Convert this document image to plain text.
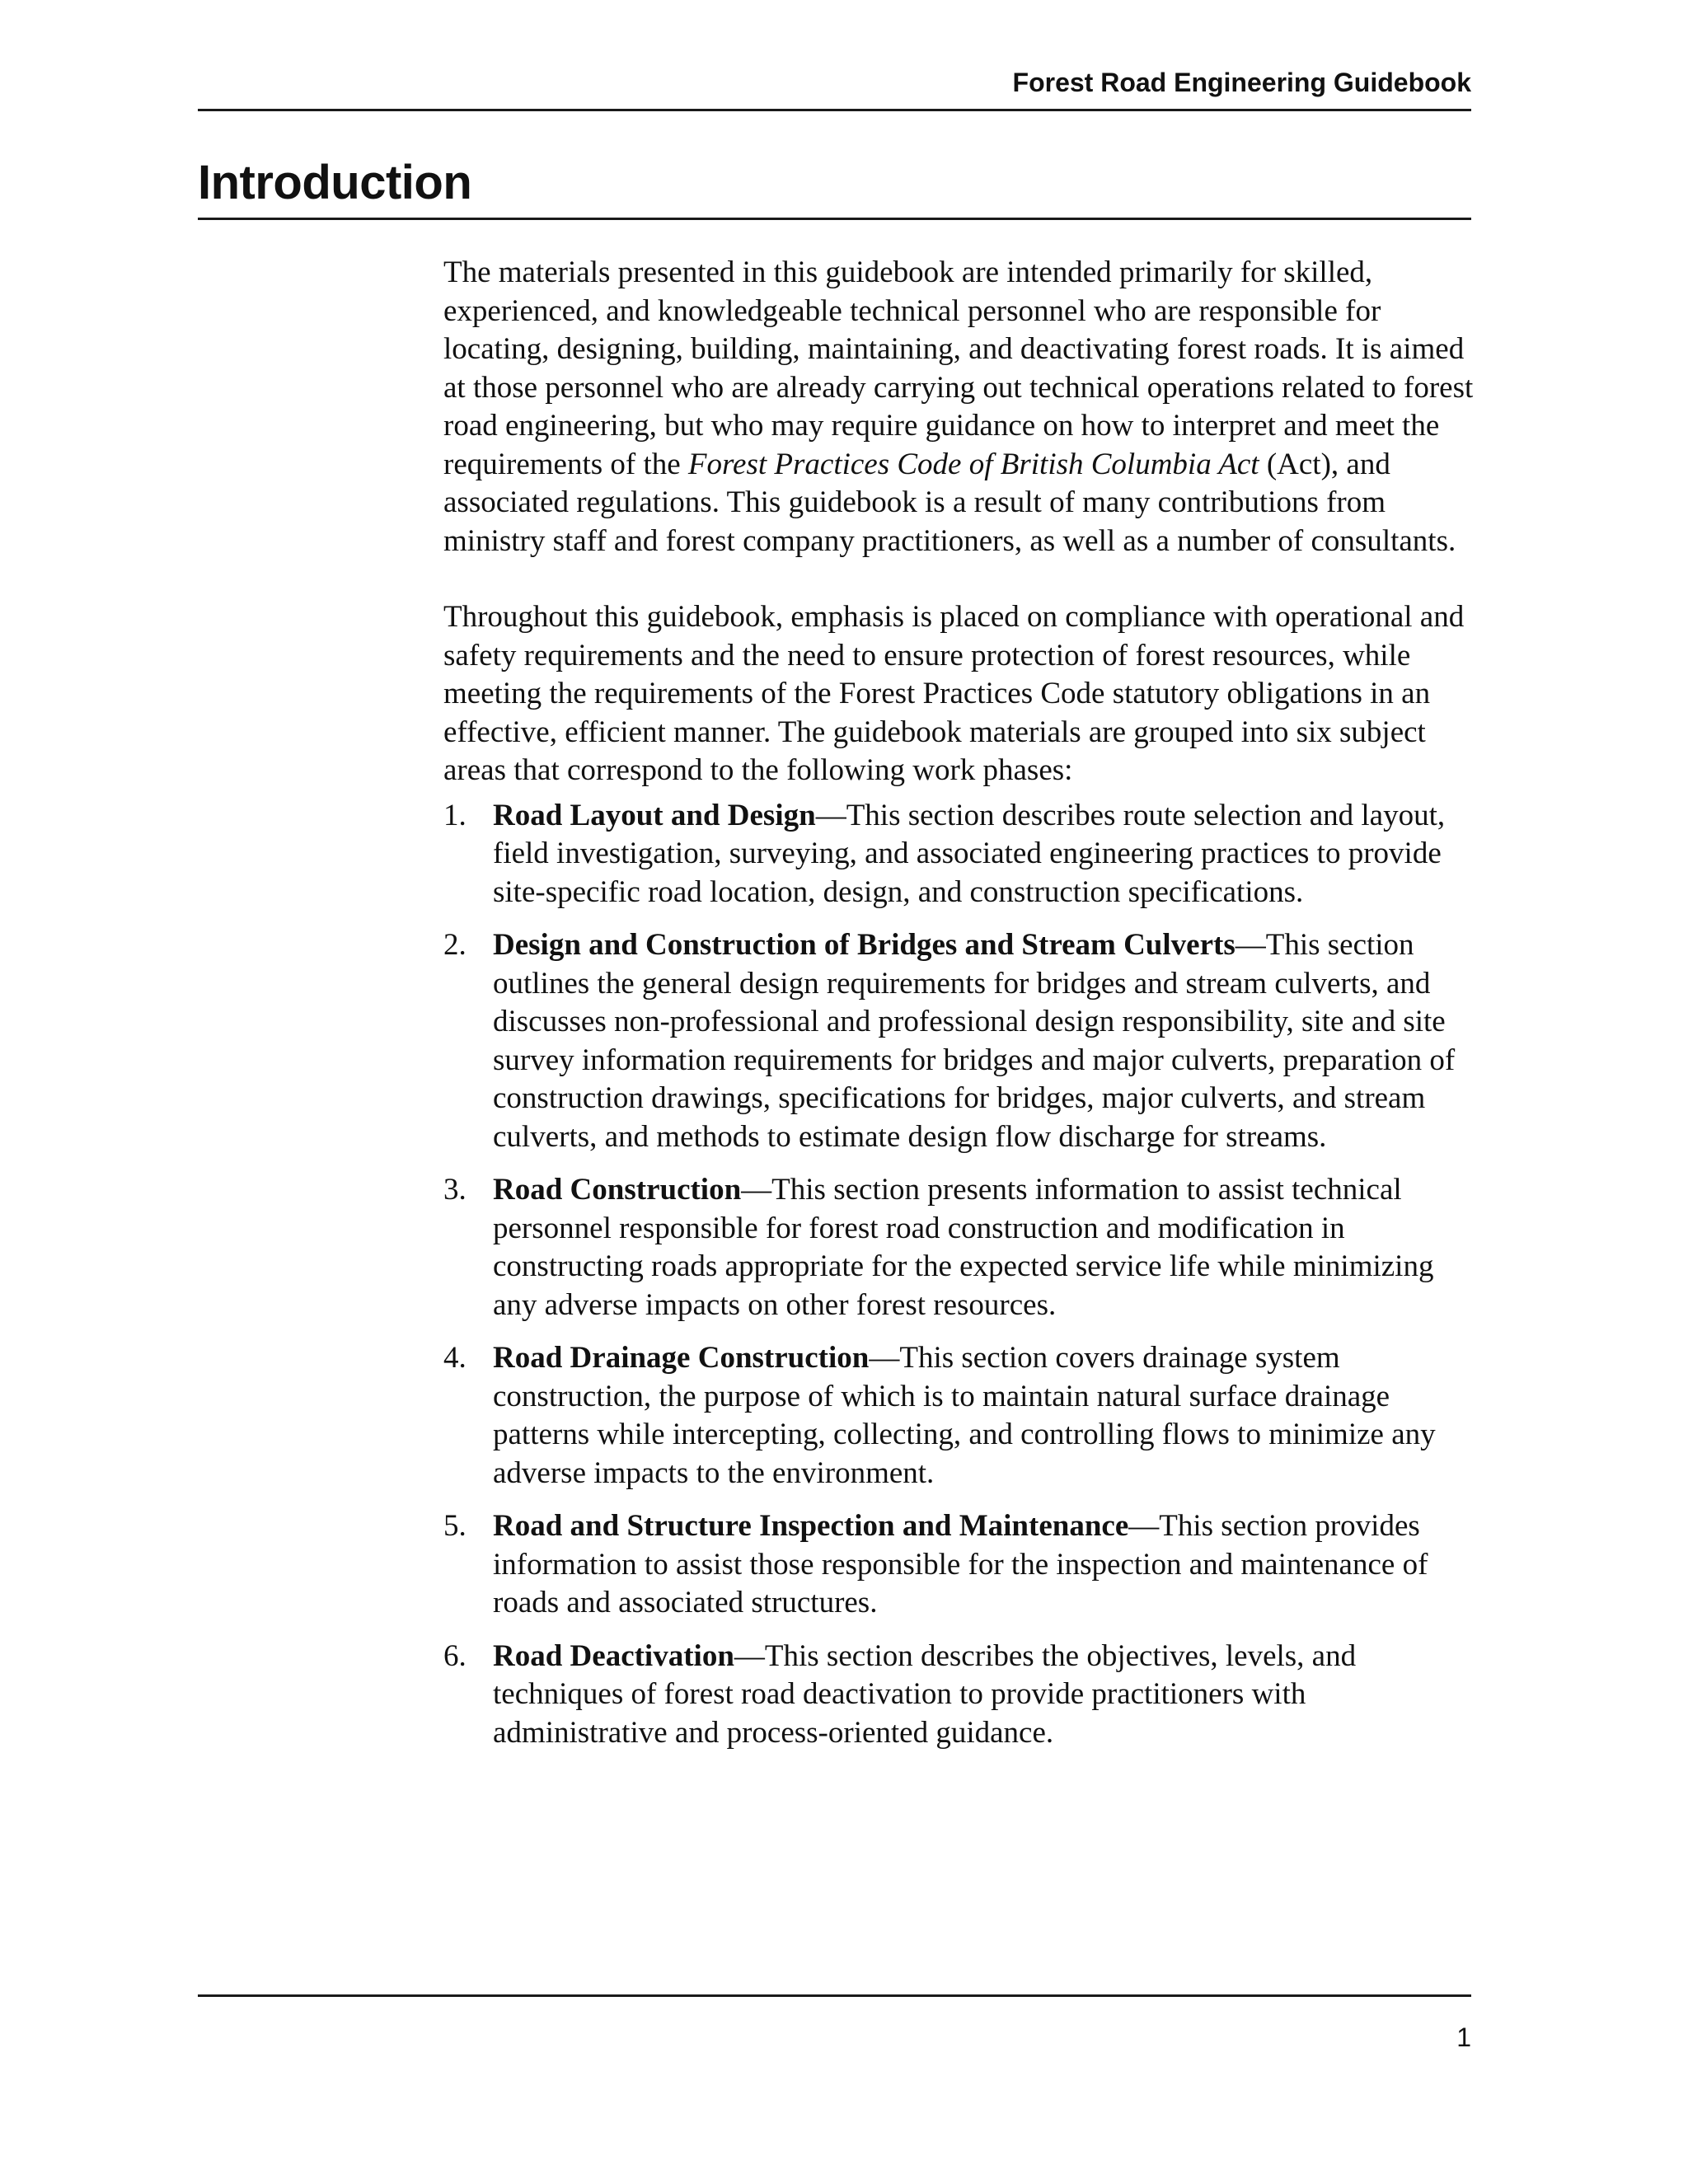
Forest Road Engineering Guidebook
Introduction

The materials presented in this guidebook are intended primarily for skilled, experienced, and knowledgeable technical personnel who are responsible for locating, designing, building, maintaining, and deactivating forest roads. It is aimed at those personnel who are already carrying out technical operations related to forest road engineering, but who may require guidance on how to interpret and meet the requirements of the Forest Practices Code of British Columbia Act (Act), and associated regulations. This guidebook is a result of many contributions from ministry staff and forest company practitioners, as well as a number of consultants.

Throughout this guidebook, emphasis is placed on compliance with operational and safety requirements and the need to ensure protection of forest resources, while meeting the requirements of the Forest Practices Code statutory obligations in an effective, efficient manner. The guidebook materials are grouped into six subject areas that correspond to the following work phases:

1. Road Layout and Design—This section describes route selection and layout, field investigation, surveying, and associated engineering practices to provide site-specific road location, design, and construction specifications.
2. Design and Construction of Bridges and Stream Culverts—This section outlines the general design requirements for bridges and stream culverts, and discusses non-professional and professional design responsibility, site and site survey information requirements for bridges and major culverts, preparation of construction drawings, specifications for bridges, major culverts, and stream culverts, and methods to estimate design flow discharge for streams.
3. Road Construction—This section presents information to assist technical personnel responsible for forest road construction and modification in constructing roads appropriate for the expected service life while minimizing any adverse impacts on other forest resources.
4. Road Drainage Construction—This section covers drainage system construction, the purpose of which is to maintain natural surface drainage patterns while intercepting, collecting, and controlling flows to minimize any adverse impacts to the environment.
5. Road and Structure Inspection and Maintenance—This section provides information to assist those responsible for the inspection and maintenance of roads and associated structures.
6. Road Deactivation—This section describes the objectives, levels, and techniques of forest road deactivation to provide practitioners with administrative and process-oriented guidance.
1
